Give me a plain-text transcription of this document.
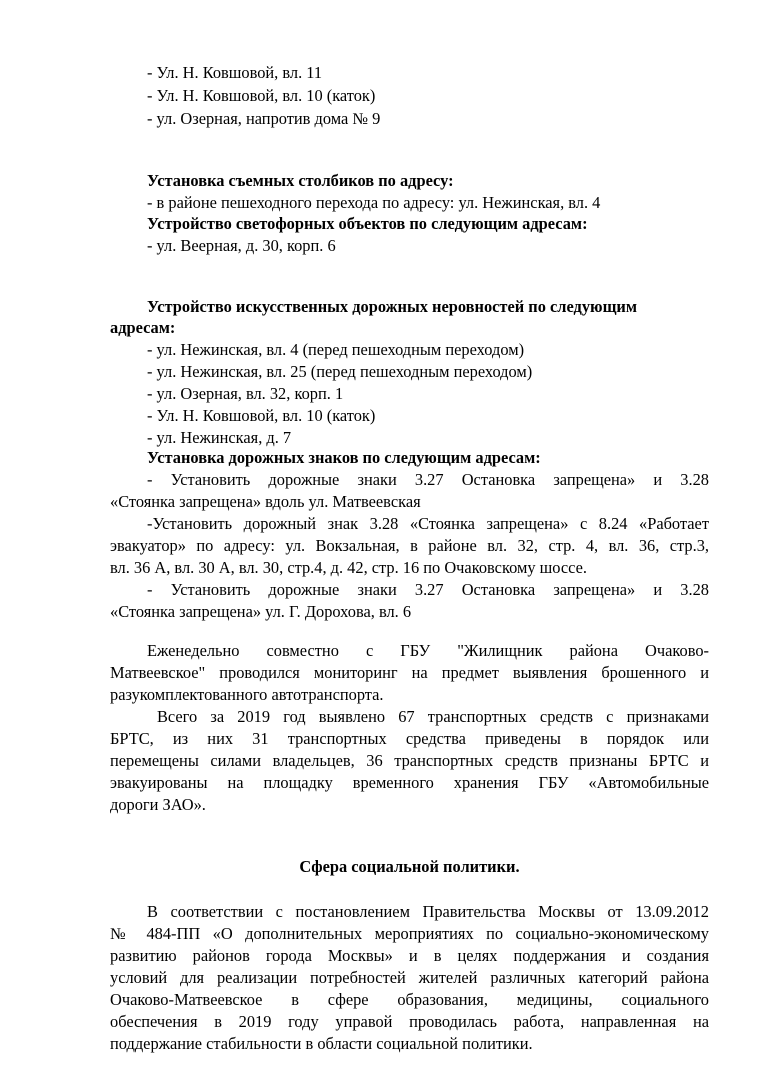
- Ул. Н. Ковшовой, вл. 11
- Ул. Н. Ковшовой, вл. 10 (каток)
- ул. Озерная, напротив дома № 9
Установка съемных столбиков по адресу:
- в районе пешеходного перехода по адресу: ул. Нежинская, вл. 4
Устройство светофорных объектов по следующим адресам:
- ул. Веерная, д. 30, корп. 6
Устройство искусственных дорожных неровностей по следующим
адресам:
- ул. Нежинская, вл. 4 (перед пешеходным переходом)
- ул. Нежинская, вл. 25 (перед пешеходным переходом)
- ул. Озерная, вл. 32, корп. 1
- Ул. Н. Ковшовой, вл. 10 (каток)
- ул. Нежинская, д. 7
Установка дорожных знаков по следующим адресам:
- Установить дорожные знаки 3.27 Остановка запрещена» и 3.28
«Стоянка запрещена» вдоль ул. Матвеевская
-Установить дорожный знак 3.28 «Стоянка запрещена» с 8.24 «Работает
эвакуатор» по адресу: ул. Вокзальная, в районе вл. 32, стр. 4, вл. 36, стр.3,
вл. 36 А, вл. 30 А, вл. 30, стр.4, д. 42, стр. 16 по Очаковскому шоссе.
- Установить дорожные знаки 3.27 Остановка запрещена» и 3.28
«Стоянка запрещена» ул. Г. Дорохова, вл. 6
Еженедельно совместно с ГБУ "Жилищник района Очаково-
Матвеевское" проводился мониторинг на предмет выявления брошенного и
разукомплектованного автотранспорта.
Всего за 2019 год выявлено 67 транспортных средств с признаками
БРТС, из них 31 транспортных средства приведены в порядок или
перемещены силами владельцев, 36 транспортных средств признаны БРТС и
эвакуированы на площадку временного хранения ГБУ «Автомобильные
дороги ЗАО».
Сфера социальной политики.
В соответствии с постановлением Правительства Москвы от 13.09.2012
№ 484-ПП «О дополнительных мероприятиях по социально-экономическому
развитию районов города Москвы» и в целях поддержания и создания
условий для реализации потребностей жителей различных категорий района
Очаково-Матвеевское в сфере образования, медицины, социального
обеспечения в 2019 году управой проводилась работа, направленная на
поддержание стабильности в области социальной политики.
